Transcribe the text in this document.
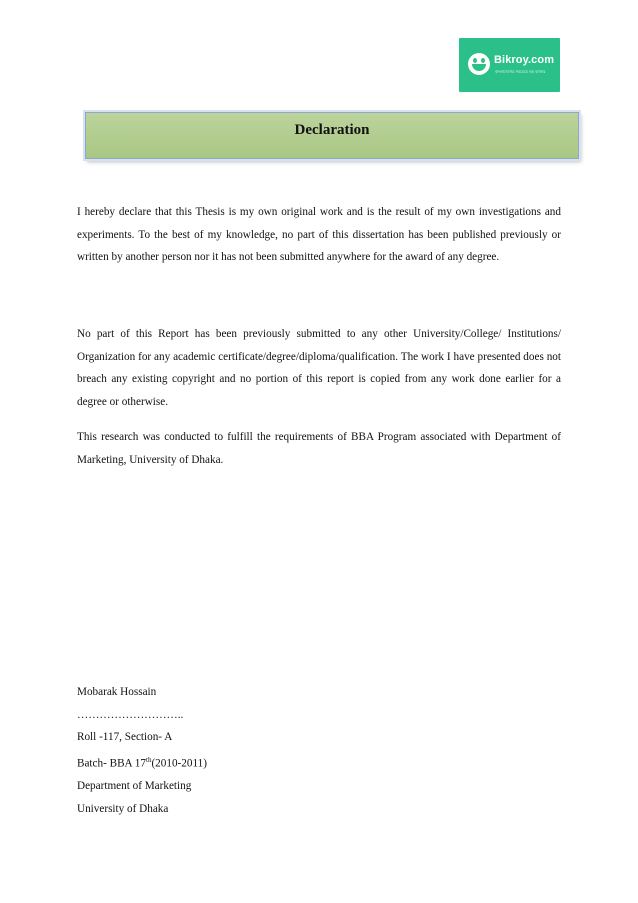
Bikroy.com
বাংলাদেশের সবচেয়ে বড় বাজার
Declaration

I hereby declare that this Thesis is my own original work and is the result of my own investigations and experiments. To the best of my knowledge, no part of this dissertation has been published previously or written by another person nor it has not been submitted anywhere for the award of any degree.

No part of this Report has been previously submitted to any other University/College/ Institutions/ Organization for any academic certificate/degree/diploma/qualification. The work I have presented does not breach any existing copyright and no portion of this report is copied from any work done earlier for a degree or otherwise.

This research was conducted to fulfill the requirements of BBA Program associated with Department of Marketing, University of Dhaka.

Mobarak Hossain
………………………..
Roll -117, Section- A
Batch- BBA 17th(2010-2011)
Department of Marketing
University of Dhaka
